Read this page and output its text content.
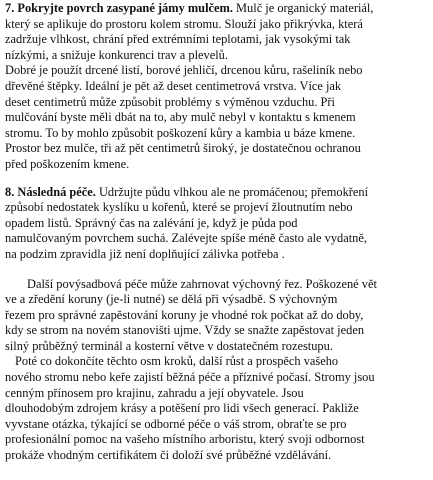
7. Pokryjte povrch zasypané jámy mulčem. Mulč je organický materiál,
který se aplikuje do prostoru kolem stromu. Slouží jako přikrývka, která
zadržuje vlhkost, chrání před extrémními teplotami, jak vysokými tak
nízkými, a snižuje konkurenci trav a plevelů.
Dobré je použít drcené listí, borové jehličí, drcenou kůru, rašeliník nebo
dřevěné štěpky. Ideální je pět až deset centimetrová vrstva. Více jak
deset centimetrů může způsobit problémy s výměnou vzduchu. Při
mulčování byste měli dbát na to, aby mulč nebyl v kontaktu s kmenem
stromu. To by mohlo způsobit poškození kůry a kambia u báze kmene.
Prostor bez mulče, tři až pět centimetrů široký, je dostatečnou ochranou
před poškozením kmene.

8. Následná péče. Udržujte půdu vlhkou ale ne promáčenou; přemokření
způsobí nedostatek kyslíku u kořenů, které se projeví žloutnutím nebo
opadem listů. Správný čas na zalévání je, když je půda pod
namulčovaným povrchem suchá. Zalévejte spíše méně často ale vydatně,
na podzim zpravidla již není doplňující zálivka potřeba .

Další povýsadbová péče může zahrnovat výchovný řez. Poškozené vět
ve a zředění koruny (je-li nutné) se dělá při výsadbě. S výchovným
řezem pro správné zapěstování koruny je vhodné rok počkat až do doby,
kdy se strom na novém stanovišti ujme. Vždy se snažte zapěstovat jeden
silný průběžný terminál a kosterní větve v dostatečném rozestupu.

Poté co dokončíte těchto osm kroků, další růst a prospěch vašeho
nového stromu nebo keře zajistí běžná péče a příznivé počasí. Stromy jsou
cenným přínosem pro krajinu, zahradu a její obyvatele. Jsou
dlouhodobým zdrojem krásy a potěšení pro lidi všech generací. Pakliže
vyvstane otázka, týkající se odborné péče o váš strom, obraťte se pro
profesionální pomoc na vašeho místního arboristu, který svoji odbornost
prokáže vhodným certifikátem či doloží své průběžné vzdělávání.
